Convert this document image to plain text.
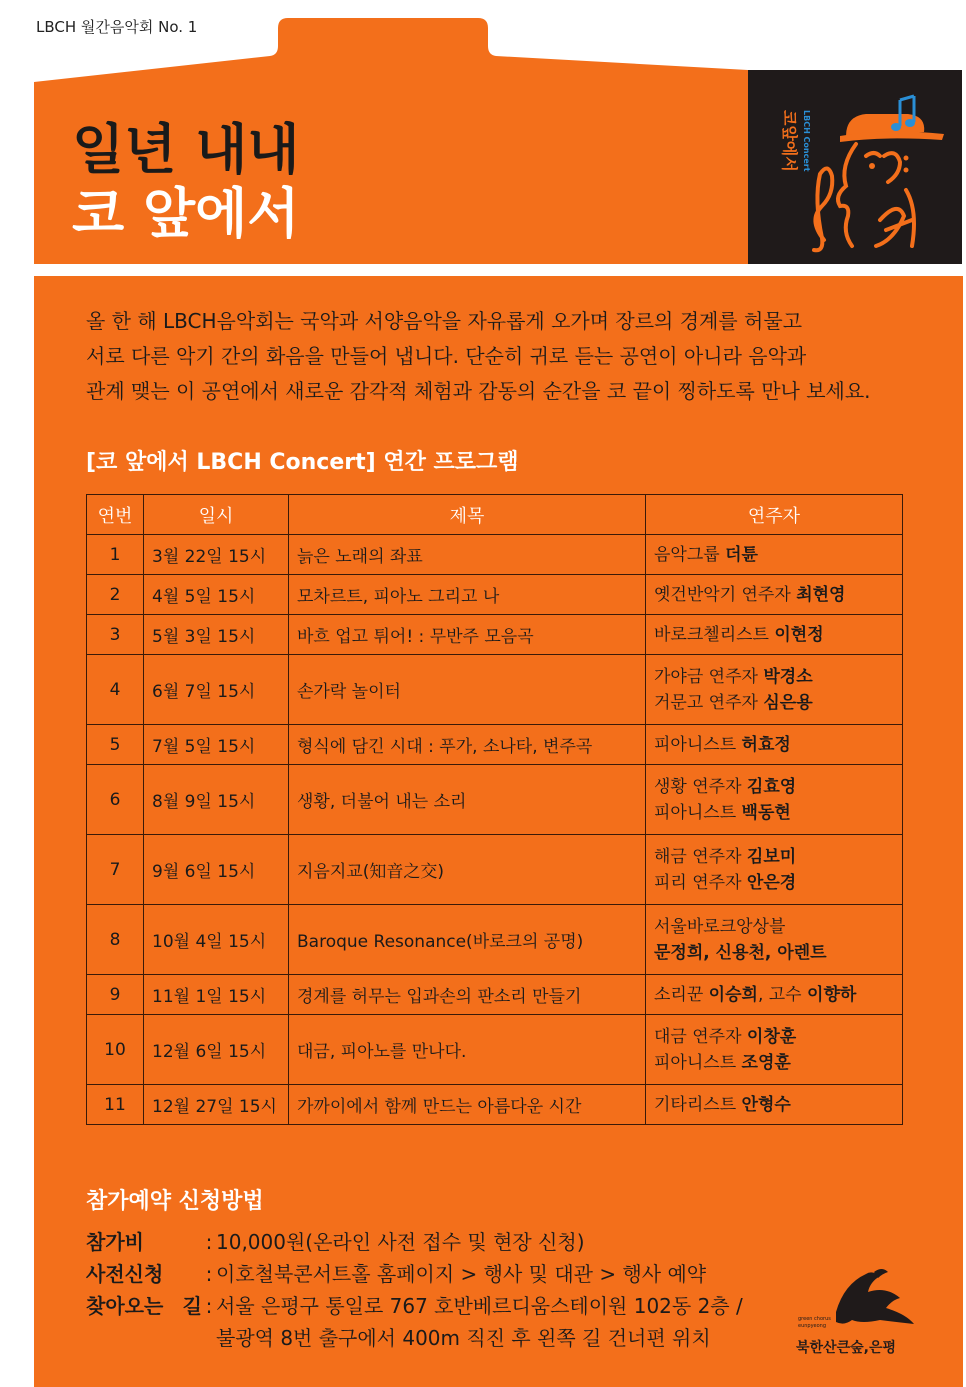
LBCH 월간음악회 No. 1
일년 내내
코 앞에서
코앞에서 LBCH Concert
올 한 해 LBCH음악회는 국악과 서양음악을 자유롭게 오가며 장르의 경계를 허물고
서로 다른 악기 간의 화음을 만들어 냅니다. 단순히 귀로 듣는 공연이 아니라 음악과
관계 맺는 이 공연에서 새로운 감각적 체험과 감동의 순간을 코 끝이 찡하도록 만나 보세요.
[코 앞에서 LBCH Concert] 연간 프로그램
연번	일시	제목	연주자
1	3월 22일 15시	늙은 노래의 좌표	음악그룹 더튠

2	4월 5일 15시	모차르트, 피아노 그리고 나	옛건반악기 연주자 최현영

3	5월 3일 15시	바흐 업고 튀어! : 무반주 모음곡	바로크첼리스트 이현정

4	6월 7일 15시	손가락 놀이터	가야금 연주자 박경소
거문고 연주자 심은용

5	7월 5일 15시	형식에 담긴 시대 : 푸가, 소나타, 변주곡	피아니스트 허효정

6	8월 9일 15시	생황, 더불어 내는 소리	생황 연주자 김효영
피아니스트 백동현

7	9월 6일 15시	지음지교(知音之交)	해금 연주자 김보미
피리 연주자 안은경

8	10월 4일 15시	Baroque Resonance(바로크의 공명)	서울바로크앙상블
문정희, 신용천, 아렌트

9	11월 1일 15시	경계를 허무는 입과손의 판소리 만들기	소리꾼 이승희, 고수 이향하

10	12월 6일 15시	대금, 피아노를 만나다.	대금 연주자 이창훈
피아니스트 조영훈

11	12월 27일 15시	가까이에서 함께 만드는 아름다운 시간	기타리스트 안형수
참가예약 신청방법
참가비	: 10,000원(온라인 사전 접수 및 현장 신청)
사전신청	: 이호철북콘서트홀 홈페이지 > 행사 및 대관 > 행사 예약
찾아오는 길 : 서울 은평구 통일로 767 호반베르디움스테이원 102동 2층 /
불광역 8번 출구에서 400m 직진 후 왼쪽 길 건너편 위치
green chorus
eunpyeong
북한산큰숲,은평
